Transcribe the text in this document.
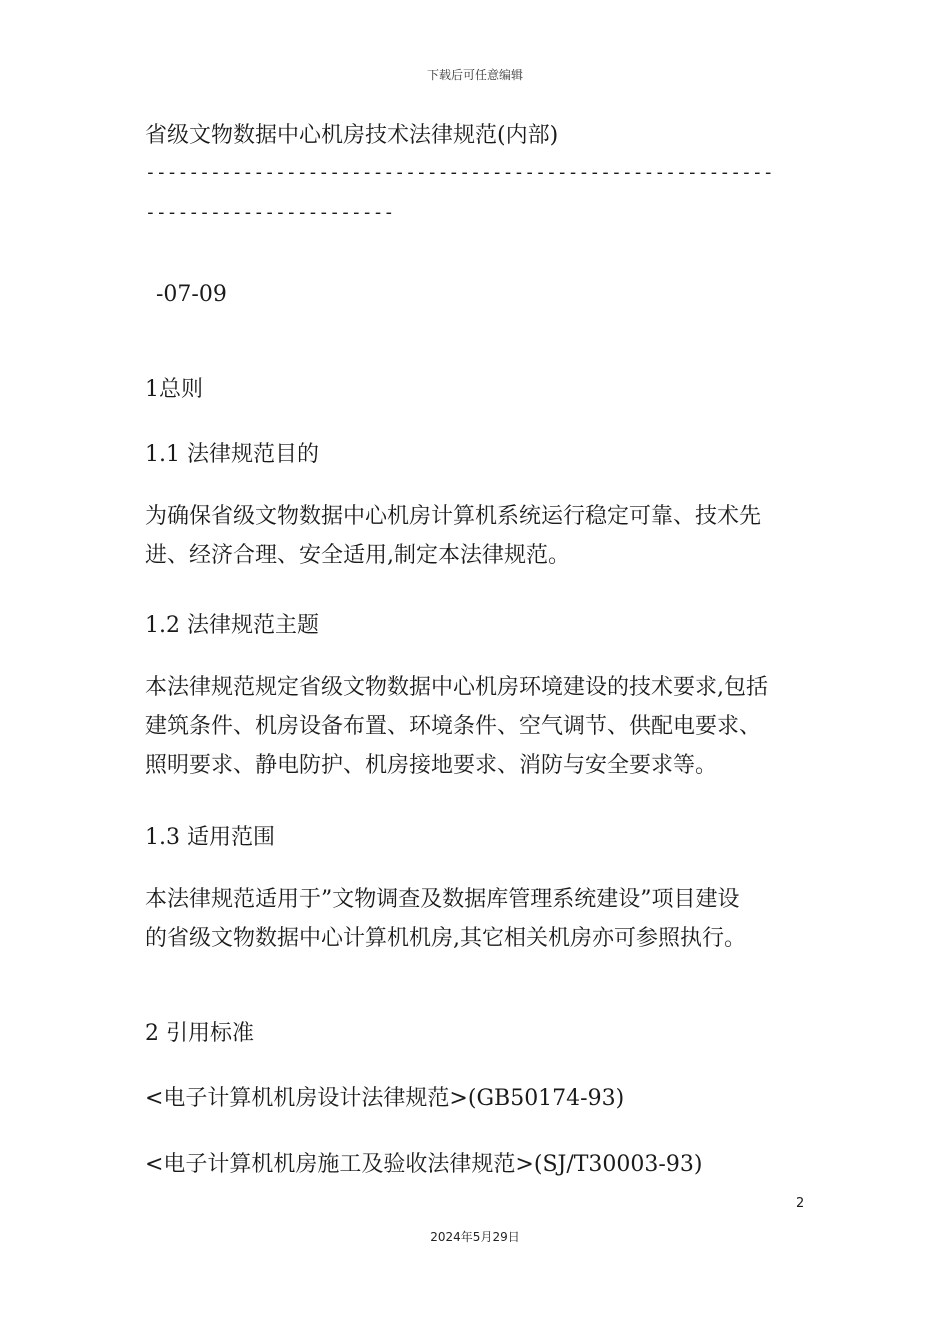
下载后可任意编辑
省级文物数据中心机房技术法律规范(内部)
----------------------------------------------------------
-----------------------
-07-09
1总则
1.1 法律规范目的
为确保省级文物数据中心机房计算机系统运行稳定可靠、技术先
进、经济合理、安全适用,制定本法律规范。
1.2 法律规范主题
本法律规范规定省级文物数据中心机房环境建设的技术要求,包括
建筑条件、机房设备布置、环境条件、空气调节、供配电要求、
照明要求、静电防护、机房接地要求、消防与安全要求等。
1.3 适用范围
本法律规范适用于”文物调查及数据库管理系统建设”项目建设
的省级文物数据中心计算机机房,其它相关机房亦可参照执行。
2 引用标准
<电子计算机机房设计法律规范>(GB50174-93)
<电子计算机机房施工及验收法律规范>(SJ/T30003-93)
2
2024年5月29日
